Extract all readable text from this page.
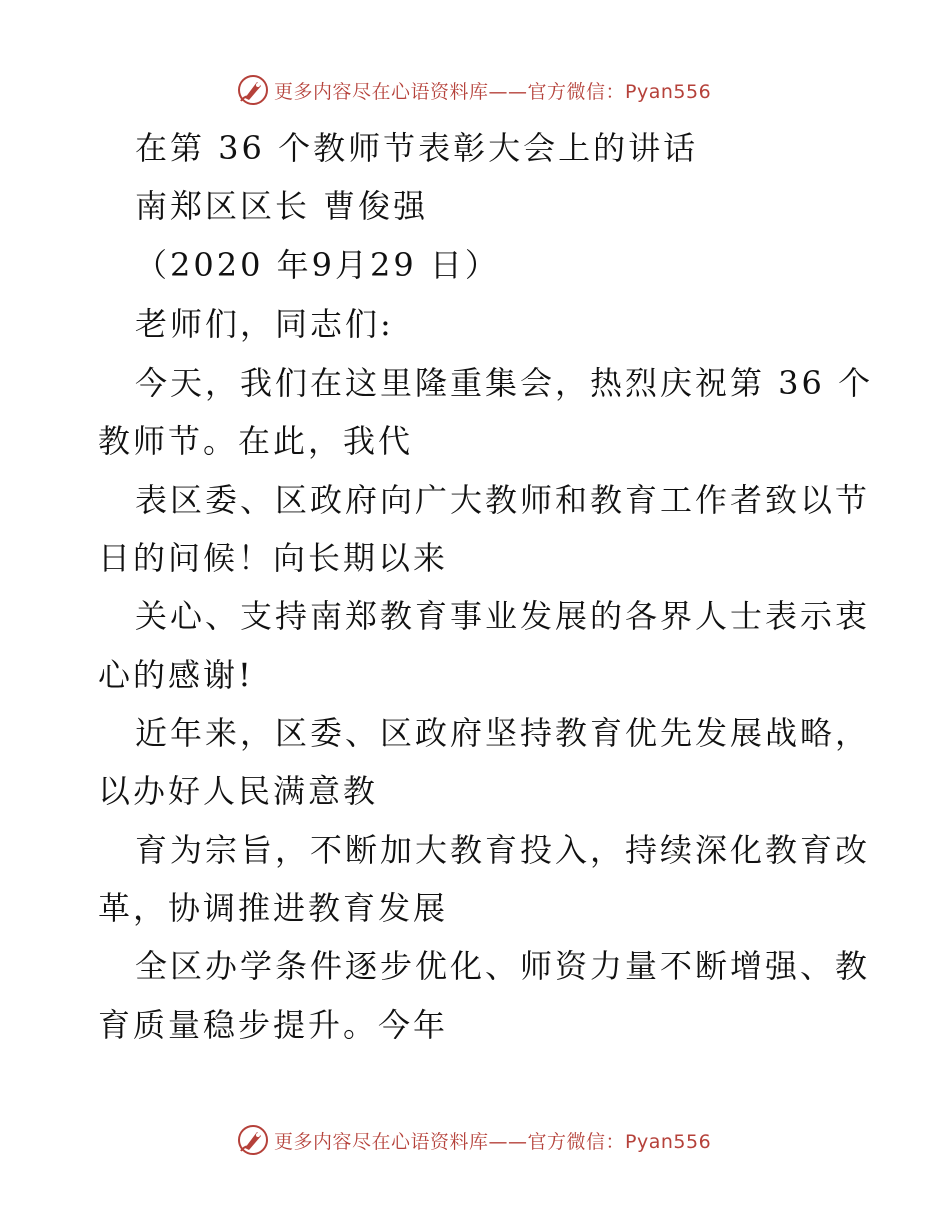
更多内容尽在心语资料库——官方微信：Pyan556
在第 36 个教师节表彰大会上的讲话
南郑区区长 曹俊强
（2020 年9月29 日）
老师们，同志们:
今天，我们在这里隆重集会，热烈庆祝第 36 个
教师节。在此，我代
表区委、区政府向广大教师和教育工作者致以节
日的问候！向长期以来
关心、支持南郑教育事业发展的各界人士表示衷
心的感谢!
近年来，区委、区政府坚持教育优先发展战略，
以办好人民满意教
育为宗旨，不断加大教育投入，持续深化教育改
革，协调推进教育发展
全区办学条件逐步优化、师资力量不断增强、教
育质量稳步提升。今年
更多内容尽在心语资料库——官方微信：Pyan556
